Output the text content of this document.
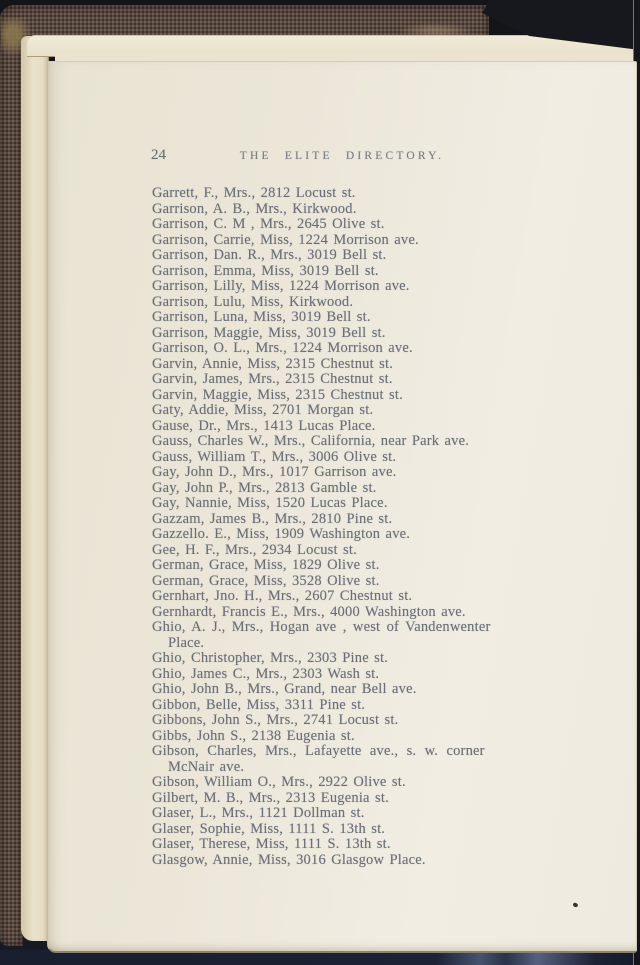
24	THE ELITE DIRECTORY.
Garrett, F., Mrs., 2812 Locust st.
Garrison, A. B., Mrs., Kirkwood.
Garrison, C. M , Mrs., 2645 Olive st.
Garrison, Carrie, Miss, 1224 Morrison ave.
Garrison, Dan. R., Mrs., 3019 Bell st.
Garrison, Emma, Miss, 3019 Bell st.
Garrison, Lilly, Miss, 1224 Morrison ave.
Garrison, Lulu, Miss, Kirkwood.
Garrison, Luna, Miss, 3019 Bell st.
Garrison, Maggie, Miss, 3019 Bell st.
Garrison, O. L., Mrs., 1224 Morrison ave.
Garvin, Annie, Miss, 2315 Chestnut st.
Garvin, James, Mrs., 2315 Chestnut st.
Garvin, Maggie, Miss, 2315 Chestnut st.
Gaty, Addie, Miss, 2701 Morgan st.
Gause, Dr., Mrs., 1413 Lucas Place.
Gauss, Charles W., Mrs., California, near Park ave.
Gauss, William T., Mrs., 3006 Olive st.
Gay, John D., Mrs., 1017 Garrison ave.
Gay, John P., Mrs., 2813 Gamble st.
Gay, Nannie, Miss, 1520 Lucas Place.
Gazzam, James B., Mrs., 2810 Pine st.
Gazzello. E., Miss, 1909 Washington ave.
Gee, H. F., Mrs., 2934 Locust st.
German, Grace, Miss, 1829 Olive st.
German, Grace, Miss, 3528 Olive st.
Gernhart, Jno. H., Mrs., 2607 Chestnut st.
Gernhardt, Francis E., Mrs., 4000 Washington ave.
Ghio, A. J., Mrs., Hogan ave , west of Vandenwenter
Place.
Ghio, Christopher, Mrs., 2303 Pine st.
Ghio, James C., Mrs., 2303 Wash st.
Ghio, John B., Mrs., Grand, near Bell ave.
Gibbon, Belle, Miss, 3311 Pine st.
Gibbons, John S., Mrs., 2741 Locust st.
Gibbs, John S., 2138 Eugenia st.
Gibson, Charles, Mrs., Lafayette ave., s. w. corner
McNair ave.
Gibson, William O., Mrs., 2922 Olive st.
Gilbert, M. B., Mrs., 2313 Eugenia st.
Glaser, L., Mrs., 1121 Dollman st.
Glaser, Sophie, Miss, 1111 S. 13th st.
Glaser, Therese, Miss, 1111 S. 13th st.
Glasgow, Annie, Miss, 3016 Glasgow Place.
